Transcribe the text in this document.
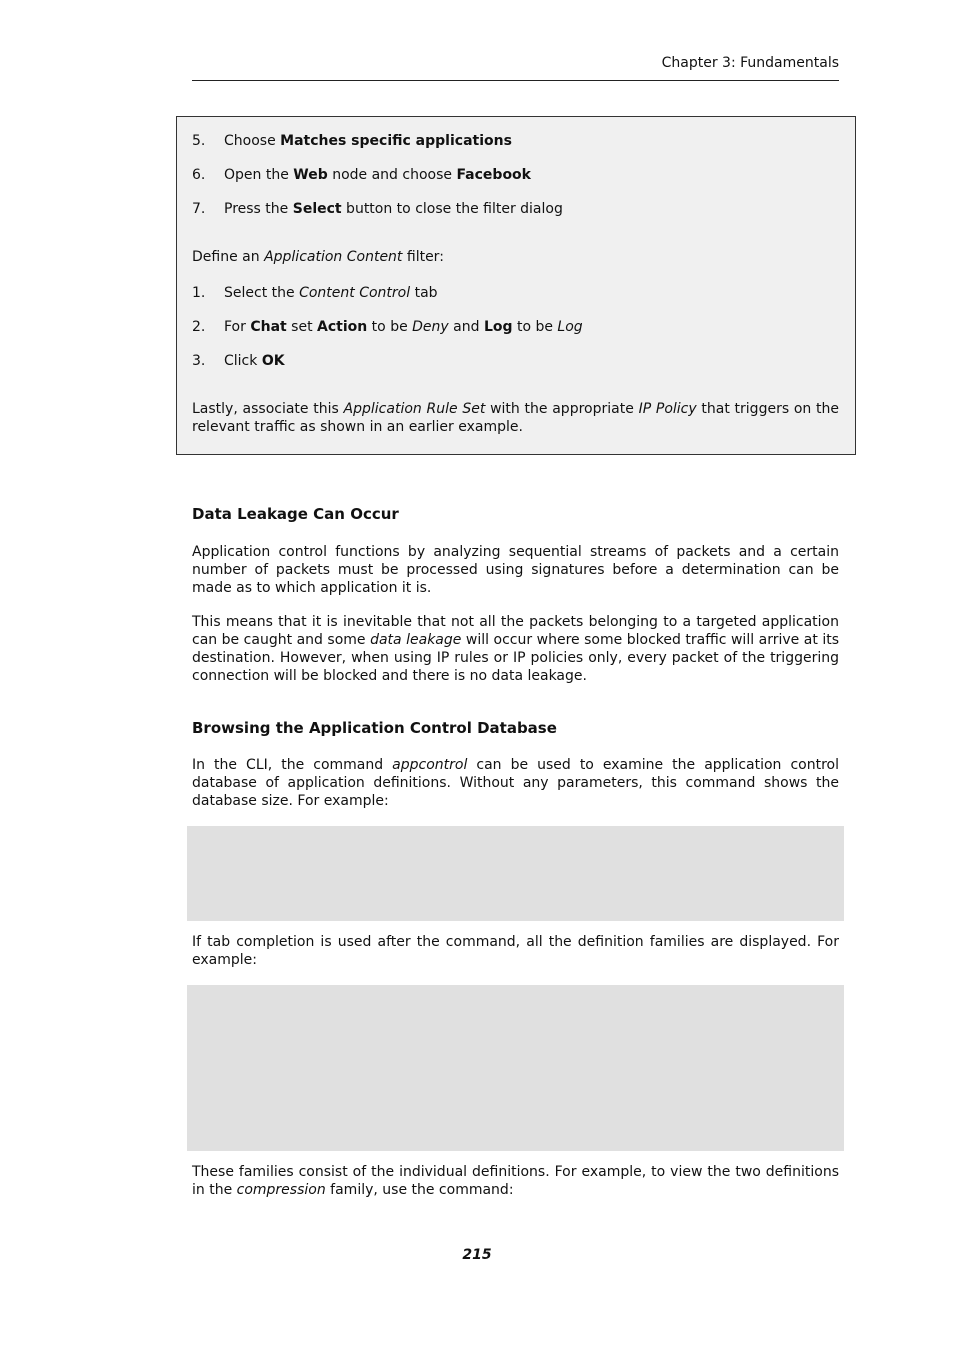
Chapter 3: Fundamentals
5.	Choose Matches specific applications
6.	Open the Web node and choose Facebook
7.	Press the Select button to close the filter dialog
Define an Application Content filter:
1.	Select the Content Control tab
2.	For Chat set Action to be Deny and Log to be Log
3.	Click OK
Lastly, associate this Application Rule Set with the appropriate IP Policy that triggers on the relevant traffic as shown in an earlier example.
Data Leakage Can Occur

Application control functions by analyzing sequential streams of packets and a certain number of packets must be processed using signatures before a determination can be made as to which application it is.

This means that it is inevitable that not all the packets belonging to a targeted application can be caught and some data leakage will occur where some blocked traffic will arrive at its destination. However, when using IP rules or IP policies only, every packet of the triggering connection will be blocked and there is no data leakage.

Browsing the Application Control Database

In the CLI, the command appcontrol can be used to examine the application control database of application definitions. Without any parameters, this command shows the database size. For example:

If tab completion is used after the command, all the definition families are displayed. For example:

These families consist of the individual definitions. For example, to view the two definitions in the compression family, use the command:

215
